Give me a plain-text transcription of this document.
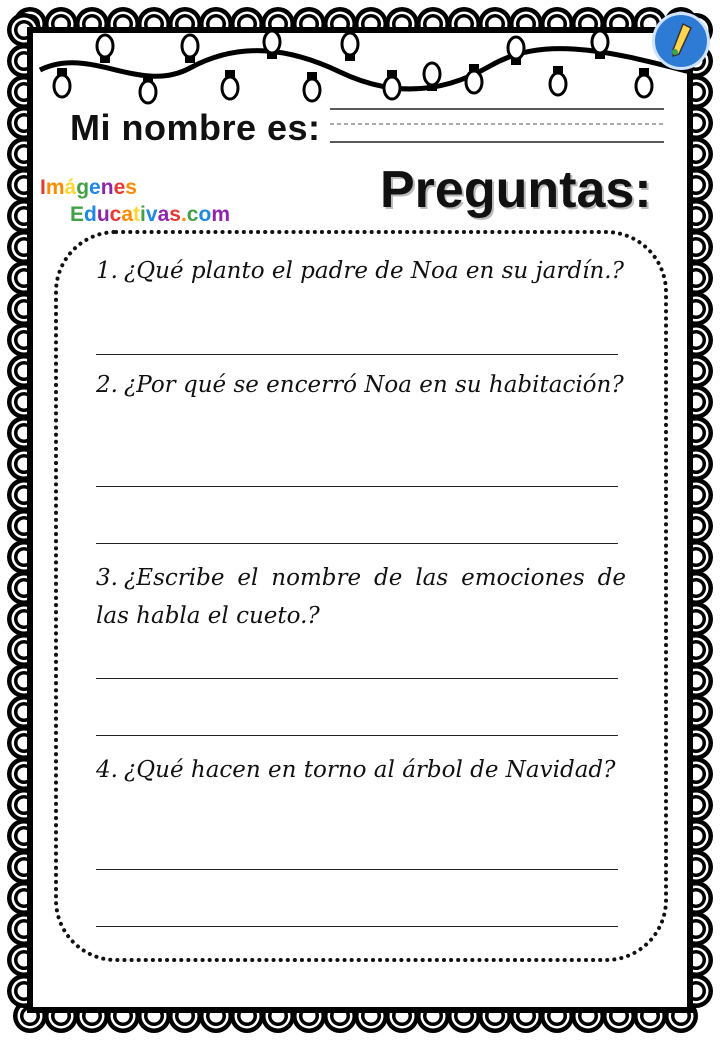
Mi nombre es:
Imágenes
Educativas.com	Preguntas:
1. ¿Qué planto el padre de Noa en su jardín.?
2. ¿Por qué se encerró Noa en su habitación?
3. ¿Escribe el nombre de las emociones de las habla el cueto.?
4. ¿Qué hacen en torno al árbol de Navidad?
